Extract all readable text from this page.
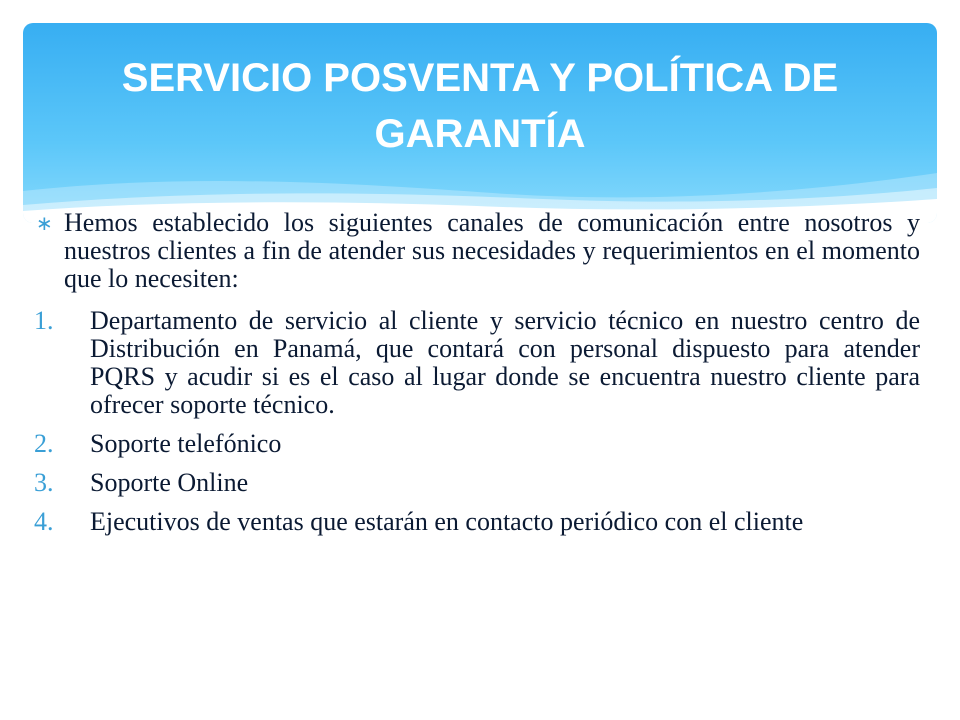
SERVICIO POSVENTA Y POLÍTICA DE GARANTÍA
∗ Hemos establecido los siguientes canales de comunicación entre nosotros y nuestros clientes a fin de atender sus necesidades y requerimientos en el momento que lo necesiten:
1. Departamento de servicio al cliente y servicio técnico en nuestro centro de Distribución en Panamá, que contará con personal dispuesto para atender PQRS y acudir si es el caso al lugar donde se encuentra nuestro cliente para ofrecer soporte técnico.
2. Soporte telefónico
3. Soporte Online
4. Ejecutivos de ventas que estarán en contacto periódico con el cliente
